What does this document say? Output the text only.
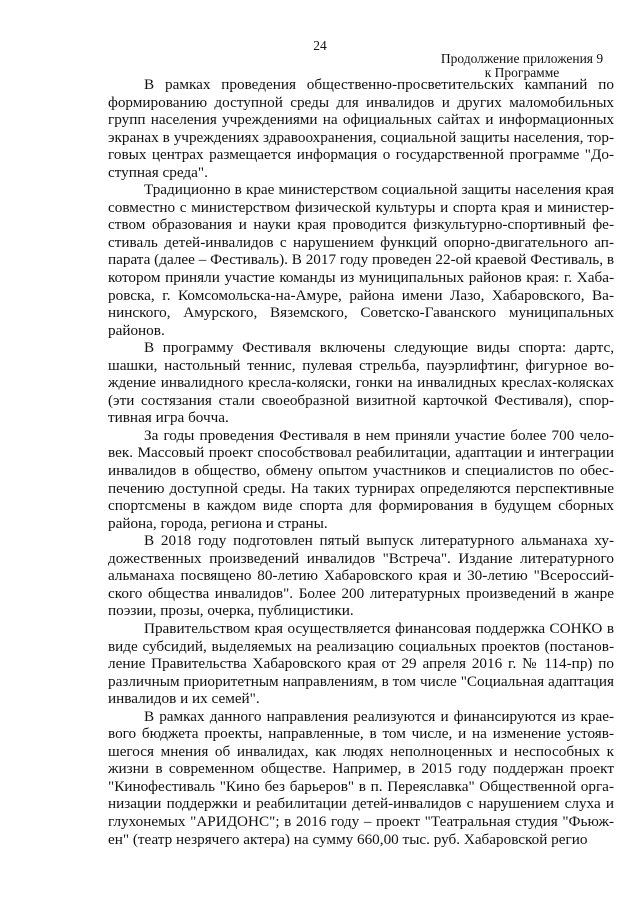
24
Продолжение приложения 9
к Программе

В рамках проведения общественно-просветительских кампаний по формированию доступной среды для инвалидов и других маломобильных групп населения учреждениями на официальных сайтах и информационных экранах в учреждениях здравоохранения, социальной защиты населения, торговых центрах размещается информация о государственной программе "Доступная среда".

Традиционно в крае министерством социальной защиты населения края совместно с министерством физической культуры и спорта края и министерством образования и науки края проводится физкультурно-спортивный фестиваль детей-инвалидов с нарушением функций опорно-двигательного аппарата (далее – Фестиваль). В 2017 году проведен 22-ой краевой Фестиваль, в котором приняли участие команды из муниципальных районов края: г. Хабаровска, г. Комсомольска-на-Амуре, района имени Лазо, Хабаровского, Ванинского, Амурского, Вяземского, Советско-Гаванского муниципальных районов.

В программу Фестиваля включены следующие виды спорта: дартс, шашки, настольный теннис, пулевая стрельба, пауэрлифтинг, фигурное вождение инвалидного кресла-коляски, гонки на инвалидных креслах-колясках (эти состязания стали своеобразной визитной карточкой Фестиваля), спортивная игра бочча.

За годы проведения Фестиваля в нем приняли участие более 700 человек. Массовый проект способствовал реабилитации, адаптации и интеграции инвалидов в общество, обмену опытом участников и специалистов по обеспечению доступной среды. На таких турнирах определяются перспективные спортсмены в каждом виде спорта для формирования в будущем сборных района, города, региона и страны.

В 2018 году подготовлен пятый выпуск литературного альманаха художественных произведений инвалидов "Встреча". Издание литературного альманаха посвящено 80-летию Хабаровского края и 30-летию "Всероссийского общества инвалидов". Более 200 литературных произведений в жанре поэзии, прозы, очерка, публицистики.

Правительством края осуществляется финансовая поддержка СОНКО в виде субсидий, выделяемых на реализацию социальных проектов (постановление Правительства Хабаровского края от 29 апреля 2016 г. № 114-пр) по различным приоритетным направлениям, в том числе "Социальная адаптация инвалидов и их семей".

В рамках данного направления реализуются и финансируются из краевого бюджета проекты, направленные, в том числе, и на изменение устоявшегося мнения об инвалидах, как людях неполноценных и неспособных к жизни в современном обществе. Например, в 2015 году поддержан проект "Кинофестиваль "Кино без барьеров" в п. Переяславка" Общественной организации поддержки и реабилитации детей-инвалидов с нарушением слуха и глухонемых "АРИДОНС"; в 2016 году – проект "Театральная студия "Фьюжен" (театр незрячего актера) на сумму 660,00 тыс. руб. Хабаровской регио
